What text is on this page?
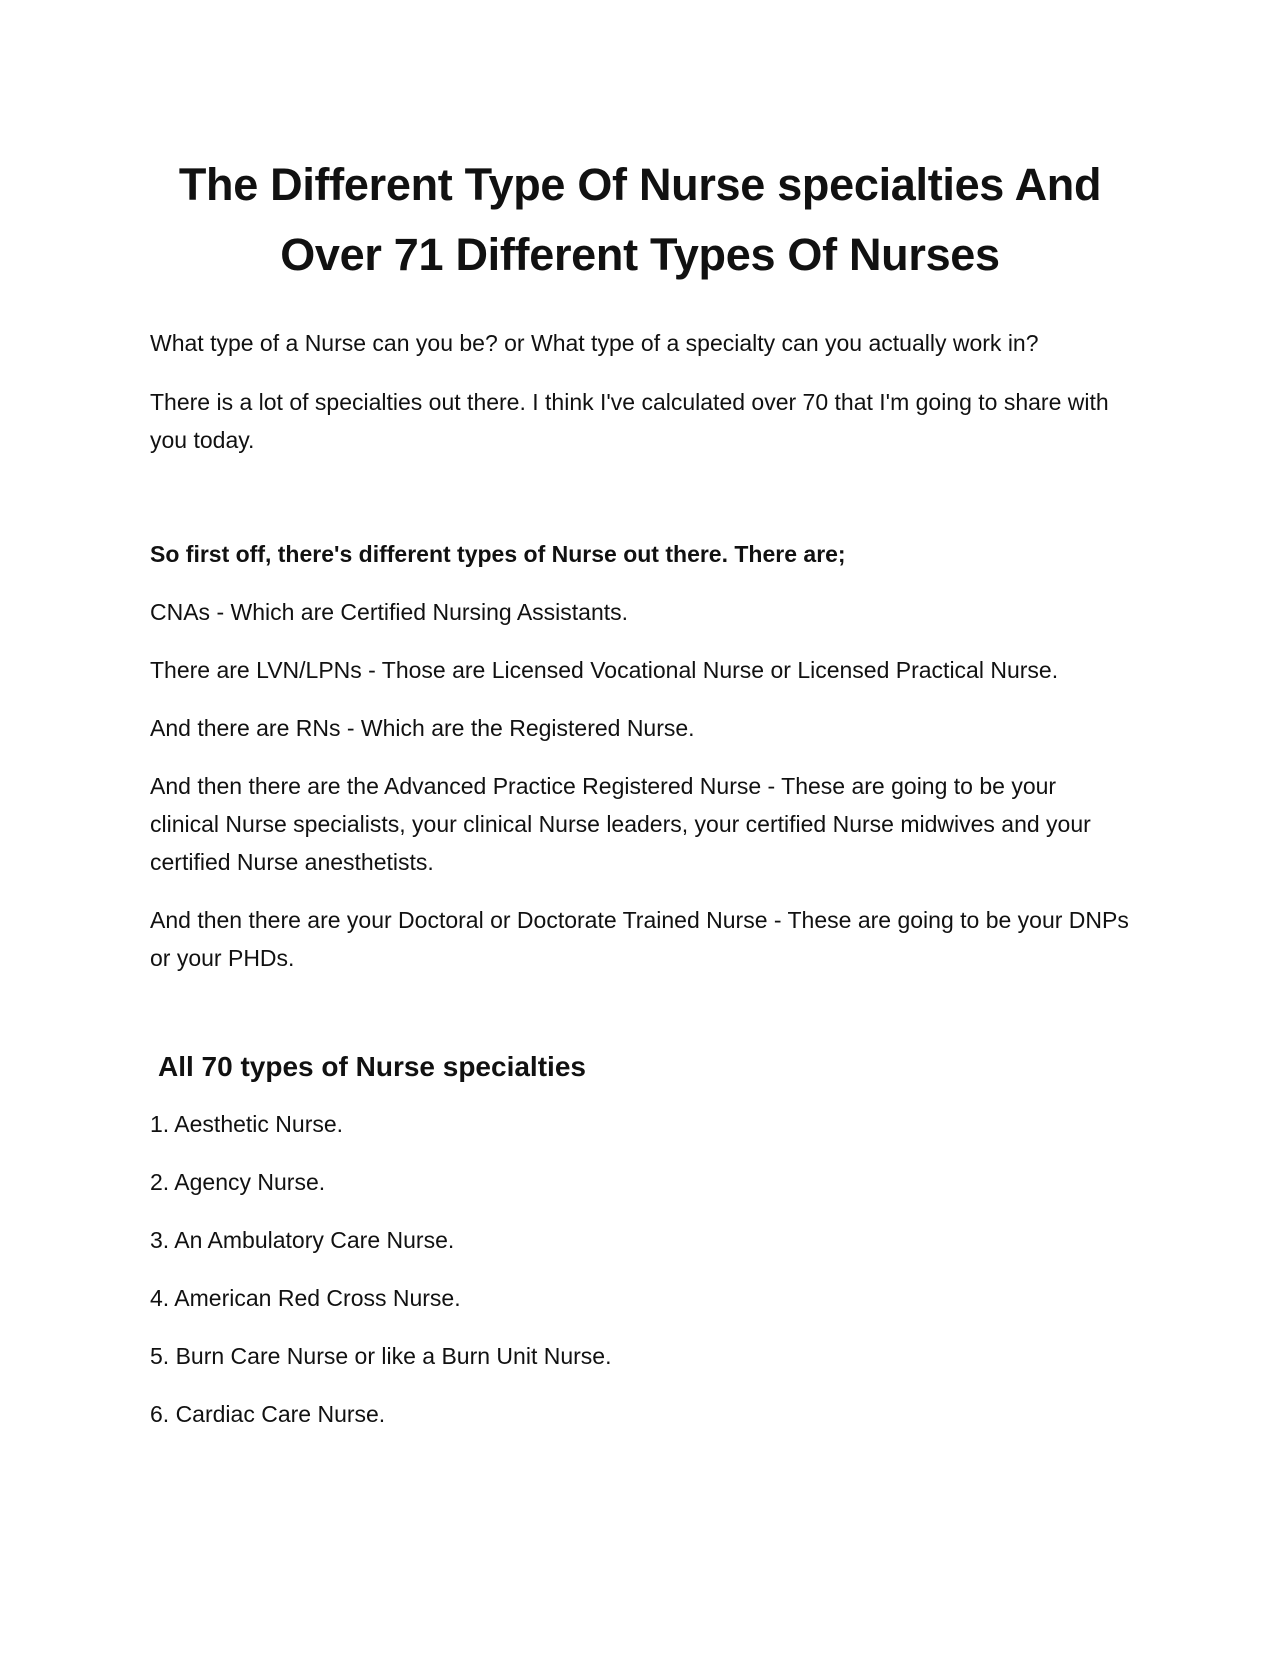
The Different Type Of Nurse specialties And Over 71 Different Types Of Nurses

What type of a Nurse can you be? or What type of a specialty can you actually work in?

There is a lot of specialties out there. I think I've calculated over 70 that I'm going to share with you today.

So first off, there's different types of Nurse out there. There are;

CNAs - Which are Certified Nursing Assistants.

There are LVN/LPNs - Those are Licensed Vocational Nurse or Licensed Practical Nurse.

And there are RNs - Which are the Registered Nurse.

And then there are the Advanced Practice Registered Nurse - These are going to be your clinical Nurse specialists, your clinical Nurse leaders, your certified Nurse midwives and your certified Nurse anesthetists.

And then there are your Doctoral or Doctorate Trained Nurse - These are going to be your DNPs or your PHDs.

All 70 types of Nurse specialties
1. Aesthetic Nurse.
2. Agency Nurse.
3. An Ambulatory Care Nurse.
4. American Red Cross Nurse.
5. Burn Care Nurse or like a Burn Unit Nurse.
6. Cardiac Care Nurse.
